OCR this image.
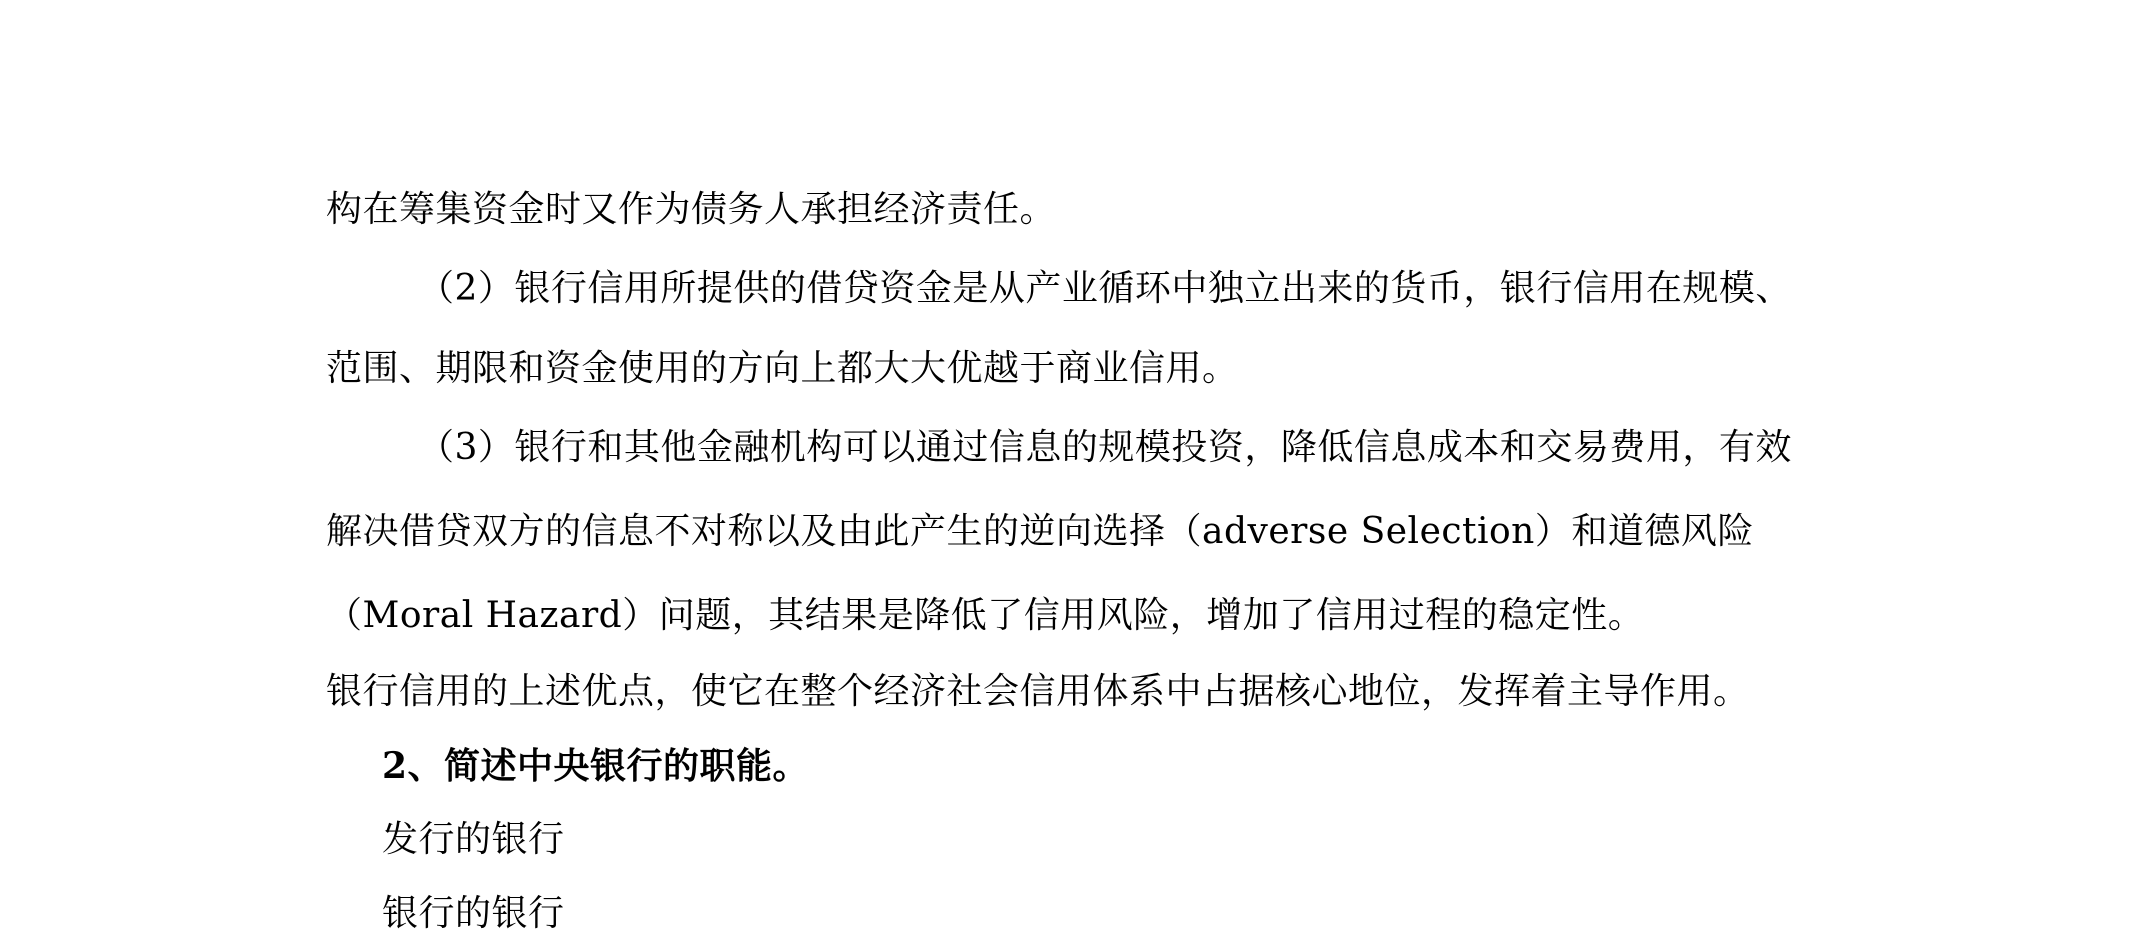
构在筹集资金时又作为债务人承担经济责任。
（2）银行信用所提供的借贷资金是从产业循环中独立出来的货币，银行信用在规模、
范围、期限和资金使用的方向上都大大优越于商业信用。
（3）银行和其他金融机构可以通过信息的规模投资，降低信息成本和交易费用，有效
解决借贷双方的信息不对称以及由此产生的逆向选择（adverse Selection）和道德风险
（Moral Hazard）问题，其结果是降低了信用风险，增加了信用过程的稳定性。
银行信用的上述优点，使它在整个经济社会信用体系中占据核心地位，发挥着主导作用。
2、简述中央银行的职能。
发行的银行
银行的银行
